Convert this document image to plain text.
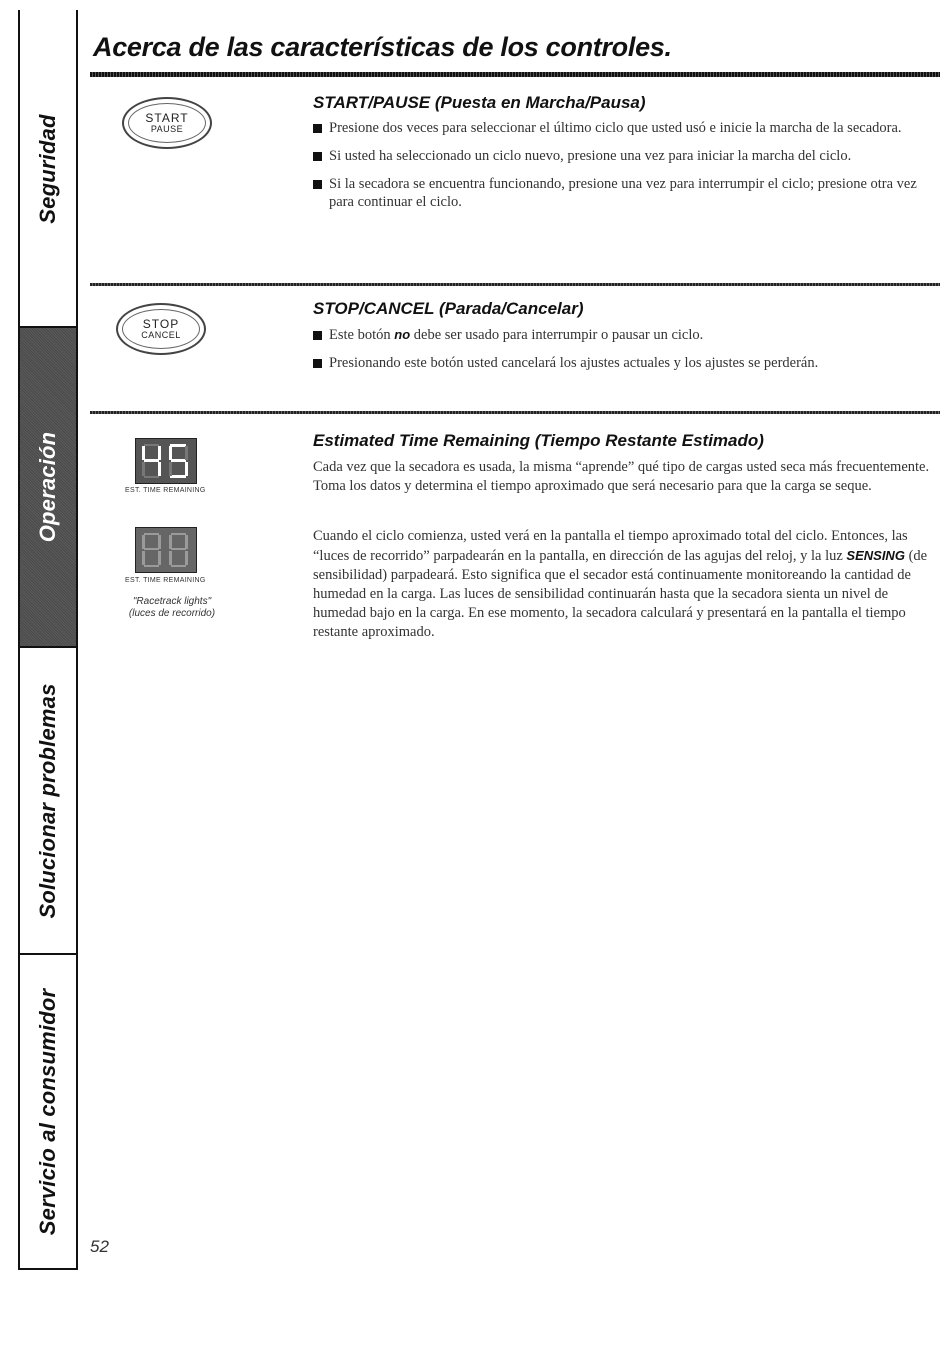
Seguridad
Operación
Solucionar problemas
Servicio al consumidor
Acerca de las características de los controles.
START
PAUSE
START/PAUSE (Puesta en Marcha/Pausa)
Presione dos veces para seleccionar el último ciclo que usted usó e inicie la marcha de la secadora.
Si usted ha seleccionado un ciclo nuevo, presione una vez para iniciar la marcha del ciclo.
Si la secadora se encuentra funcionando, presione una vez para interrumpir el ciclo; presione otra vez para continuar el ciclo.
STOP
CANCEL
STOP/CANCEL (Parada/Cancelar)
Este botón no debe ser usado para interrumpir o pausar un ciclo.
Presionando este botón usted cancelará los ajustes actuales y los ajustes se perderán.
EST. TIME REMAINING
EST. TIME REMAINING
"Racetrack lights"
(luces de recorrido)
Estimated Time Remaining (Tiempo Restante Estimado)

Cada vez que la secadora es usada, la misma “aprende” qué tipo de cargas usted seca más frecuentemente. Toma los datos y determina el tiempo aproximado que será necesario para que la carga se seque.

Cuando el ciclo comienza, usted verá en la pantalla el tiempo aproximado total del ciclo. Entonces, las “luces de recorrido” parpadearán en la pantalla, en dirección de las agujas del reloj, y la luz SENSING (de sensibilidad) parpadeará. Esto significa que el secador está continuamente monitoreando la cantidad de humedad en la carga. Las luces de sensibilidad continuarán hasta que la secadora sienta un nivel de humedad bajo en la carga. En ese momento, la secadora calculará y presentará en la pantalla el tiempo restante aproximado.

52
